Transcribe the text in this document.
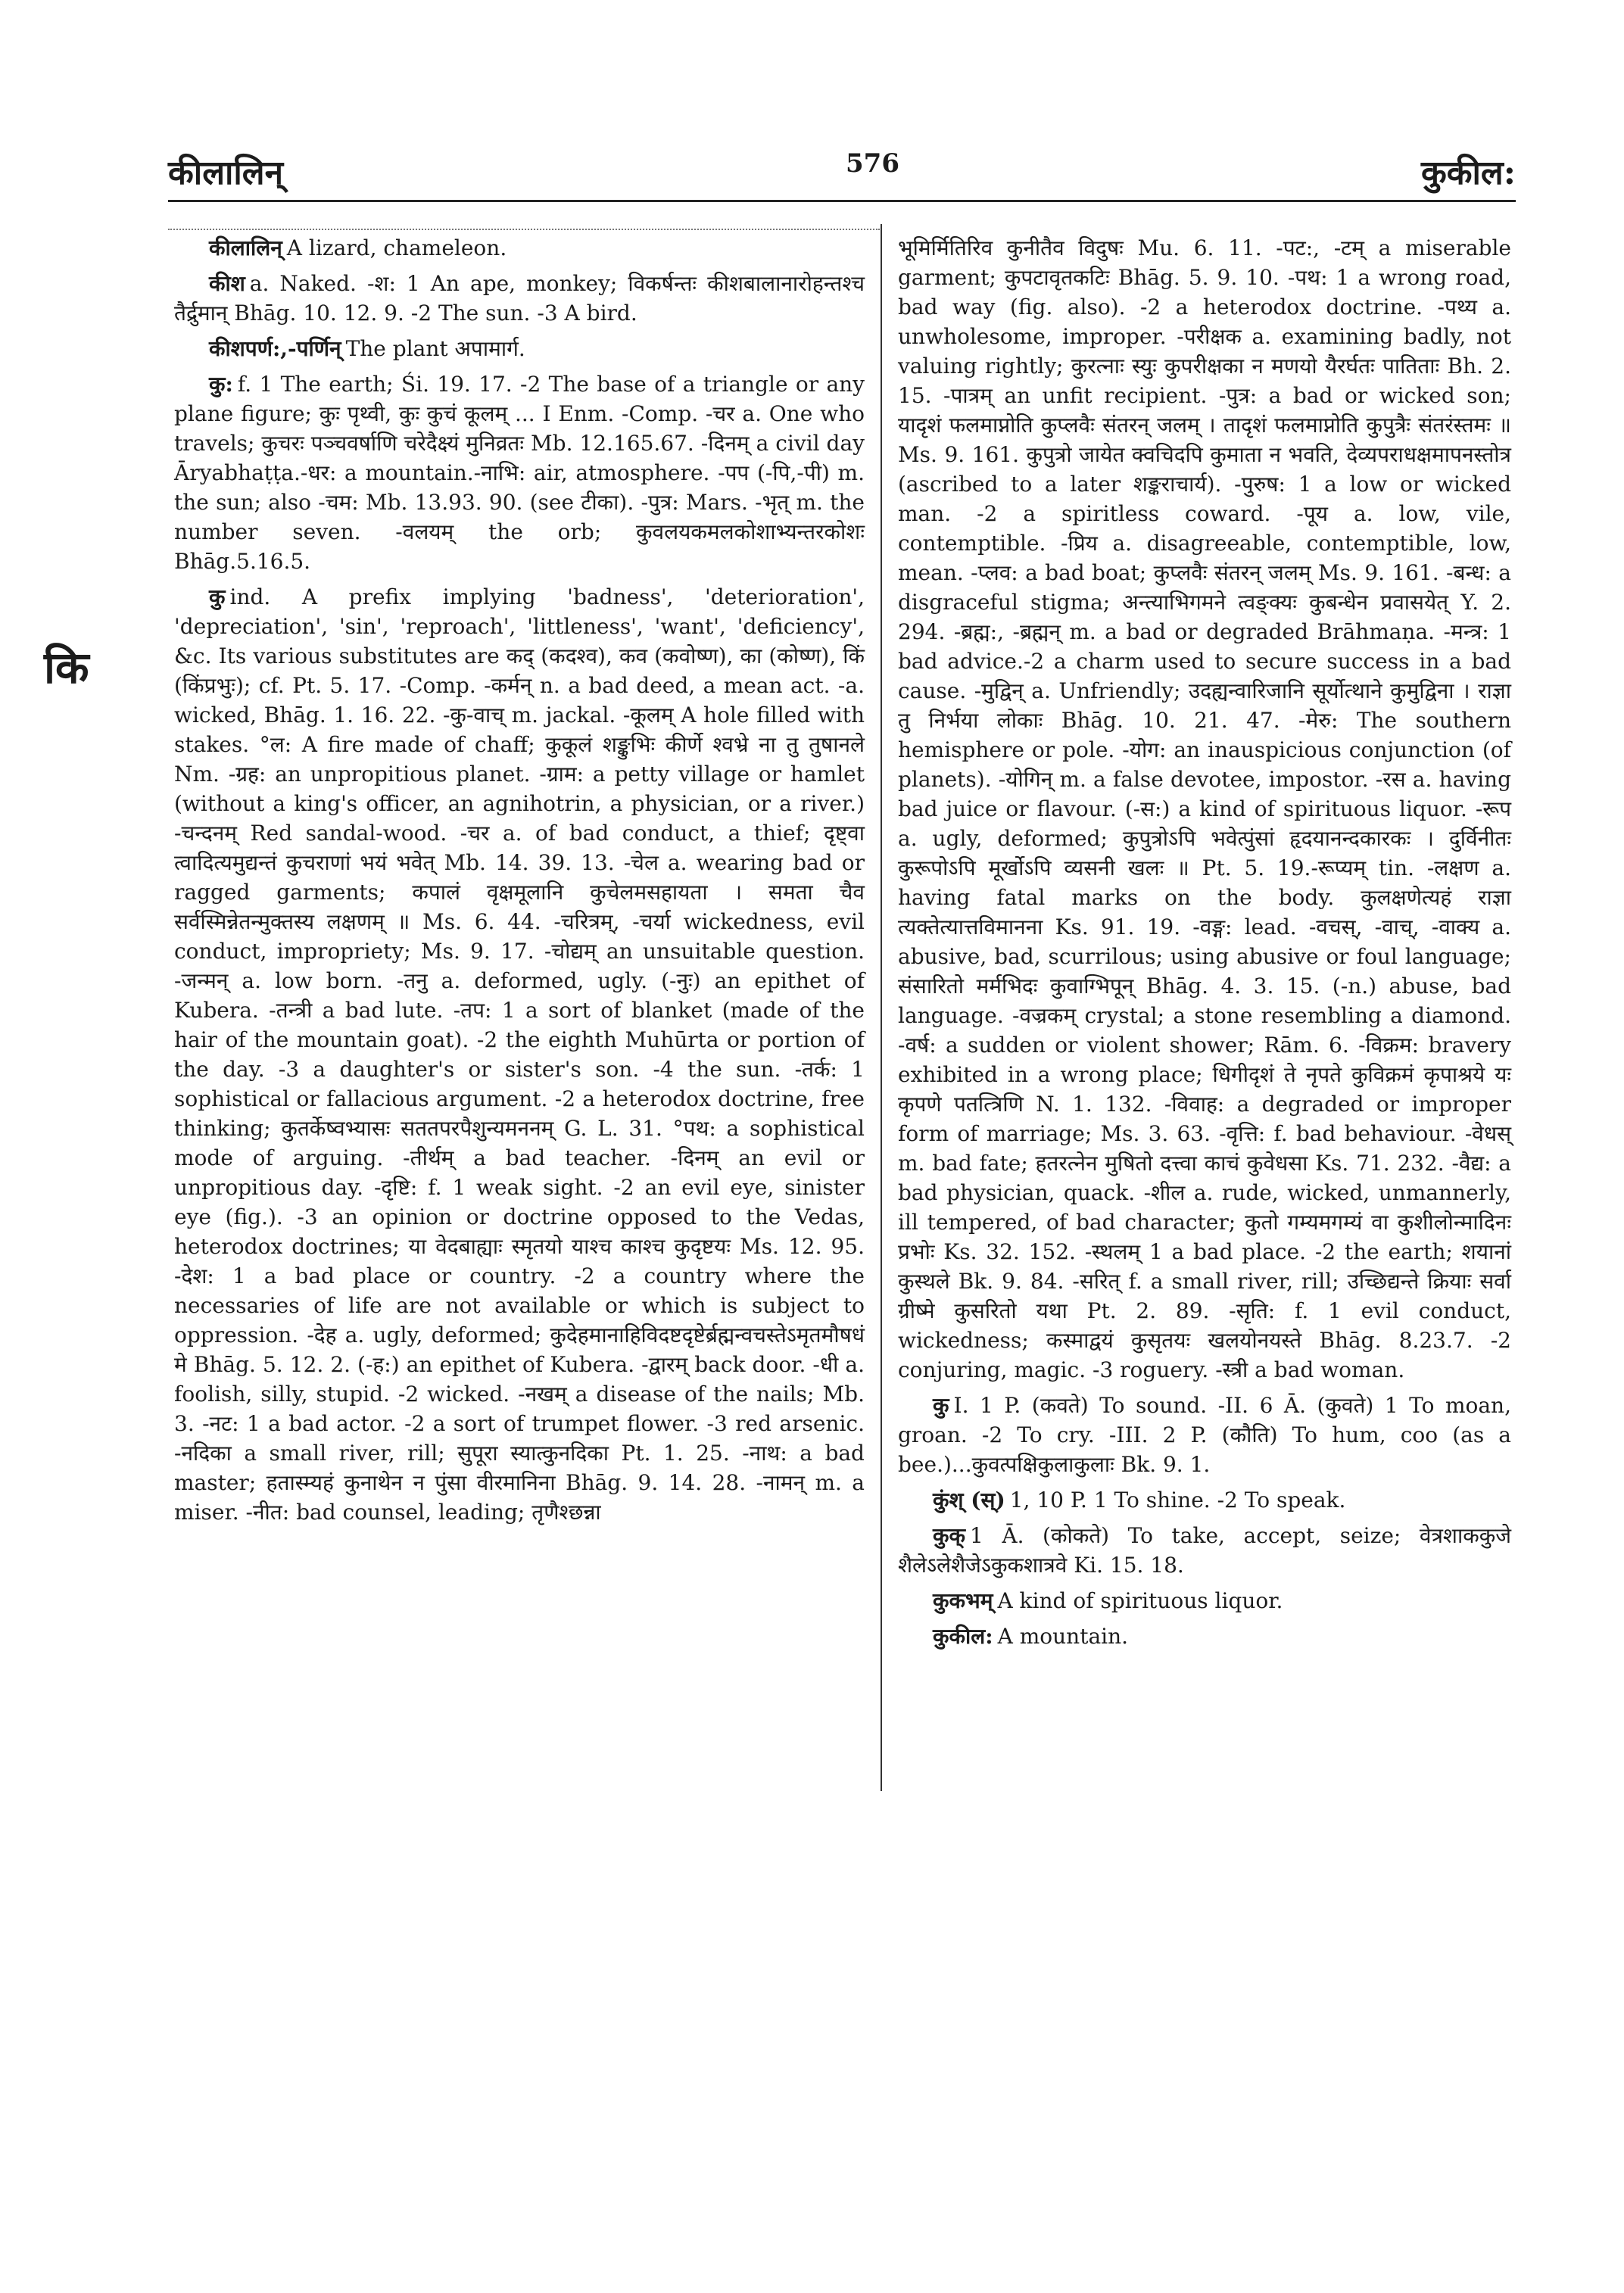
कीलालिन्	576	कुकील:
कि

कीलालिन् A lizard, chameleon.

कीश a. Naked. -श: 1 An ape, monkey; विकर्षन्तः कीशबालानारोहन्तश्च तैर्द्रुमान् Bhāg. 10. 12. 9. -2 The sun. -3 A bird.

कीशपर्ण:,-पर्णिन् The plant अपामार्ग.

कु: f. 1 The earth; Śi. 19. 17. -2 The base of a triangle or any plane figure; कुः पृथ्वी, कुः कुचं कूलम् ... I Enm. -Comp. -चर a. One who travels; कुचरः पञ्चवर्षाणि चरेदैक्ष्यं मुनिव्रतः Mb. 12.165.67. -दिनम् a civil day Āryabhaṭṭa.-धर: a mountain.-नाभि: air, atmosphere. -पप (-पि,-पी) m. the sun; also -चम: Mb. 13.93. 90. (see टीका). -पुत्र: Mars. -भृत् m. the number seven. -वलयम् the orb; कुवलयकमलकोशाभ्यन्तरकोशः Bhāg.5.16.5.

कु ind. A prefix implying 'badness', 'deterioration', 'depreciation', 'sin', 'reproach', 'littleness', 'want', 'deficiency', &c. Its various substitutes are कद् (कदश्व), कव (कवोष्ण), का (कोष्ण), किं (किंप्रभुः); cf. Pt. 5. 17. -Comp. -कर्मन् n. a bad deed, a mean act. -a. wicked, Bhāg. 1. 16. 22. -कु-वाच् m. jackal. -कूलम् A hole filled with stakes. °ल: A fire made of chaff; कुकूलं शङ्कुभिः कीर्णे श्वभ्रे ना तु तुषानले Nm. -ग्रह: an unpropitious planet. -ग्राम: a petty village or hamlet (without a king's officer, an agnihotrin, a physician, or a river.) -चन्दनम् Red sandal-wood. -चर a. of bad conduct, a thief; दृष्ट्वा त्वादित्यमुद्यन्तं कुचराणां भयं भवेत् Mb. 14. 39. 13. -चेल a. wearing bad or ragged garments; कपालं वृक्षमूलानि कुचेलमसहायता । समता चैव सर्वस्मिन्नेतन्मुक्तस्य लक्षणम् ॥ Ms. 6. 44. -चरित्रम्, -चर्या wickedness, evil conduct, impropriety; Ms. 9. 17. -चोद्यम् an unsuitable question. -जन्मन् a. low born. -तनु a. deformed, ugly. (-नुः) an epithet of Kubera. -तन्त्री a bad lute. -तप: 1 a sort of blanket (made of the hair of the mountain goat). -2 the eighth Muhūrta or portion of the day. -3 a daughter's or sister's son. -4 the sun. -तर्क: 1 sophistical or fallacious argument. -2 a heterodox doctrine, free thinking; कुतर्केष्वभ्यासः सततपरपैशुन्यमननम् G. L. 31. °पथ: a sophistical mode of arguing. -तीर्थम् a bad teacher. -दिनम् an evil or unpropitious day. -दृष्टि: f. 1 weak sight. -2 an evil eye, sinister eye (fig.). -3 an opinion or doctrine opposed to the Vedas, heterodox doctrines; या वेदबाह्याः स्मृतयो याश्च काश्च कुदृष्टयः Ms. 12. 95. -देश: 1 a bad place or country. -2 a country where the necessaries of life are not available or which is subject to oppression. -देह a. ugly, deformed; कुदेहमानाहिविदष्टदृष्टेर्ब्रह्मन्वचस्तेऽमृतमौषधं मे Bhāg. 5. 12. 2. (-ह:) an epithet of Kubera. -द्वारम् back door. -धी a. foolish, silly, stupid. -2 wicked. -नखम् a disease of the nails; Mb. 3. -नट: 1 a bad actor. -2 a sort of trumpet flower. -3 red arsenic. -नदिका a small river, rill; सुपूरा स्यात्कुनदिका Pt. 1. 25. -नाथ: a bad master; हतास्म्यहं कुनाथेन न पुंसा वीरमानिना Bhāg. 9. 14. 28. -नामन् m. a miser. -नीत: bad counsel, leading; तृणैश्छन्ना

भूमिर्मितिरिव कुनीतैव विदुषः Mu. 6. 11. -पट:, -टम् a miserable garment; कुपटावृतकटिः Bhāg. 5. 9. 10. -पथ: 1 a wrong road, bad way (fig. also). -2 a heterodox doctrine. -पथ्य a. unwholesome, improper. -परीक्षक a. examining badly, not valuing rightly; कुरत्नाः स्युः कुपरीक्षका न मणयो यैरर्घतः पातिताः Bh. 2. 15. -पात्रम् an unfit recipient. -पुत्र: a bad or wicked son; यादृशं फलमाप्नोति कुप्लवैः संतरन् जलम् । तादृशं फलमाप्नोति कुपुत्रैः संतरंस्तमः ॥ Ms. 9. 161. कुपुत्रो जायेत क्वचिदपि कुमाता न भवति, देव्यपराधक्षमापनस्तोत्र (ascribed to a later शङ्कराचार्य). -पुरुष: 1 a low or wicked man. -2 a spiritless coward. -पूय a. low, vile, contemptible. -प्रिय a. disagreeable, contemptible, low, mean. -प्लव: a bad boat; कुप्लवैः संतरन् जलम् Ms. 9. 161. -बन्ध: a disgraceful stigma; अन्त्याभिगमने त्वङ्क्यः कुबन्धेन प्रवासयेत् Y. 2. 294. -ब्रह्म:, -ब्रह्मन् m. a bad or degraded Brāhmaṇa. -मन्त्र: 1 bad advice.-2 a charm used to secure success in a bad cause. -मुद्विन् a. Unfriendly; उदह्यन्वारिजानि सूर्योत्थाने कुमुद्विना । राज्ञा तु निर्भया लोकाः Bhāg. 10. 21. 47. -मेरु: The southern hemisphere or pole. -योग: an inauspicious conjunction (of planets). -योगिन् m. a false devotee, impostor. -रस a. having bad juice or flavour. (-स:) a kind of spirituous liquor. -रूप a. ugly, deformed; कुपुत्रोऽपि भवेत्पुंसां हृदयानन्दकारकः । दुर्विनीतः कुरूपोऽपि मूर्खोऽपि व्यसनी खलः ॥ Pt. 5. 19.-रूप्यम् tin. -लक्षण a. having fatal marks on the body. कुलक्षणेत्यहं राज्ञा त्यक्तेत्यात्तविमानना Ks. 91. 19. -वङ्ग: lead. -वचस्, -वाच्, -वाक्य a. abusive, bad, scurrilous; using abusive or foul language; संसारितो मर्मभिदः कुवाग्भिपून् Bhāg. 4. 3. 15. (-n.) abuse, bad language. -वज्रकम् crystal; a stone resembling a diamond. -वर्ष: a sudden or violent shower; Rām. 6. -विक्रम: bravery exhibited in a wrong place; धिगीदृशं ते नृपते कुविक्रमं कृपाश्रये यः कृपणे पतत्त्रिणि N. 1. 132. -विवाह: a degraded or improper form of marriage; Ms. 3. 63. -वृत्ति: f. bad behaviour. -वेधस् m. bad fate; हतरत्नेन मुषितो दत्त्वा काचं कुवेधसा Ks. 71. 232. -वैद्य: a bad physician, quack. -शील a. rude, wicked, unmannerly, ill tempered, of bad character; कुतो गम्यमगम्यं वा कुशीलोन्मादिनः प्रभोः Ks. 32. 152. -स्थलम् 1 a bad place. -2 the earth; शयानां कुस्थले Bk. 9. 84. -सरित् f. a small river, rill; उच्छिद्यन्ते क्रियाः सर्वा ग्रीष्मे कुसरितो यथा Pt. 2. 89. -सृति: f. 1 evil conduct, wickedness; कस्माद्वयं कुसृतयः खलयोनयस्ते Bhāg. 8.23.7. -2 conjuring, magic. -3 roguery. -स्त्री a bad woman.

कु I. 1 P. (कवते) To sound. -II. 6 Ā. (कुवते) 1 To moan, groan. -2 To cry. -III. 2 P. (कौति) To hum, coo (as a bee.)...कुवत्पक्षिकुलाकुलाः Bk. 9. 1.

कुंश् (स्) 1, 10 P. 1 To shine. -2 To speak.

कुक् 1 Ā. (कोकते) To take, accept, seize; वेत्रशाककुजे शैलेऽलेशैजेऽकुकशात्रवे Ki. 15. 18.

कुकभम् A kind of spirituous liquor.

कुकील: A mountain.
